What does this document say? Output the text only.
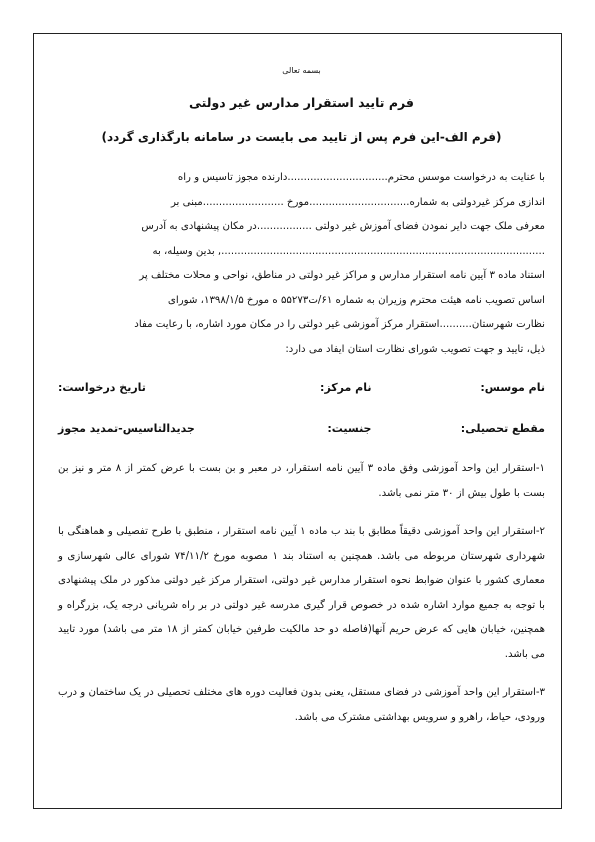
بسمه تعالی
فرم تایید استقرار مدارس غیر دولتی
(فرم الف-این فرم پس از تایید می بایست در سامانه بارگذاری گردد)

با عنایت به درخواست موسس محترم...............................دارنده مجوز تاسیس و راه

اندازی مرکز غیردولتی به شماره...............................مورخ .........................مبنی بر

معرفی ملک جهت دایر نمودن فضای آموزش غیر دولتی .................در مکان پیشنهادی به آدرس

...................................................................................................., بدین وسیله، به

استناد ماده ۳ آیین نامه استقرار مدارس و مراکز غیر دولتی در مناطق، نواحی و محلات مختلف پر

اساس تصویب نامه هیئت محترم وزیران به شماره ۶۱/ت۵۵۲۷۳ ه مورخ ۱۳۹۸/۱/۵، شورای

نظارت شهرستان..........استقرار مرکز آموزشی غیر دولتی را در مکان مورد اشاره، با رعایت مفاد

ذیل، تایید و جهت تصویب شورای نظارت استان ایفاد می دارد:

نام موسس:
نام مرکز:
تاریخ درخواست:
مقطع تحصیلی:
جنسیت:
جدیدالتاسیس-تمدید مجوز

۱-استقرار این واحد آموزشی وفق ماده ۳ آیین نامه استقرار، در معبر و بن بست با عرض کمتر از ۸ متر و نیز بن بست با طول بیش از ۳۰ متر نمی باشد.

۲-استقرار این واحد آموزشی دقیقاً مطابق با بند ب ماده ۱ آیین نامه استقرار ، منطبق با طرح تفصیلی و هماهنگی با شهرداری شهرستان مربوطه می باشد. همچنین به استناد بند ۱ مصوبه مورخ ۷۴/۱۱/۲ شورای عالی شهرسازی و معماری کشور با عنوان ضوابط نحوه استقرار مدارس غیر دولتی، استقرار مرکز غیر دولتی مذکور در ملک پیشنهادی با توجه به جمیع موارد اشاره شده در خصوص قرار گیری مدرسه غیر دولتی در بر راه شریانی درجه یک، بزرگراه و همچنین، خیابان هایی که عرض حریم آنها(فاصله دو حد مالکیت طرفین خیابان کمتر از ۱۸ متر می باشد) مورد تایید می باشد.

۳-استقرار این واحد آموزشی در فضای مستقل، یعنی بدون فعالیت دوره های مختلف تحصیلی در یک ساختمان و درب ورودی، حیاط، راهرو و سرویس بهداشتی مشترک می باشد.
